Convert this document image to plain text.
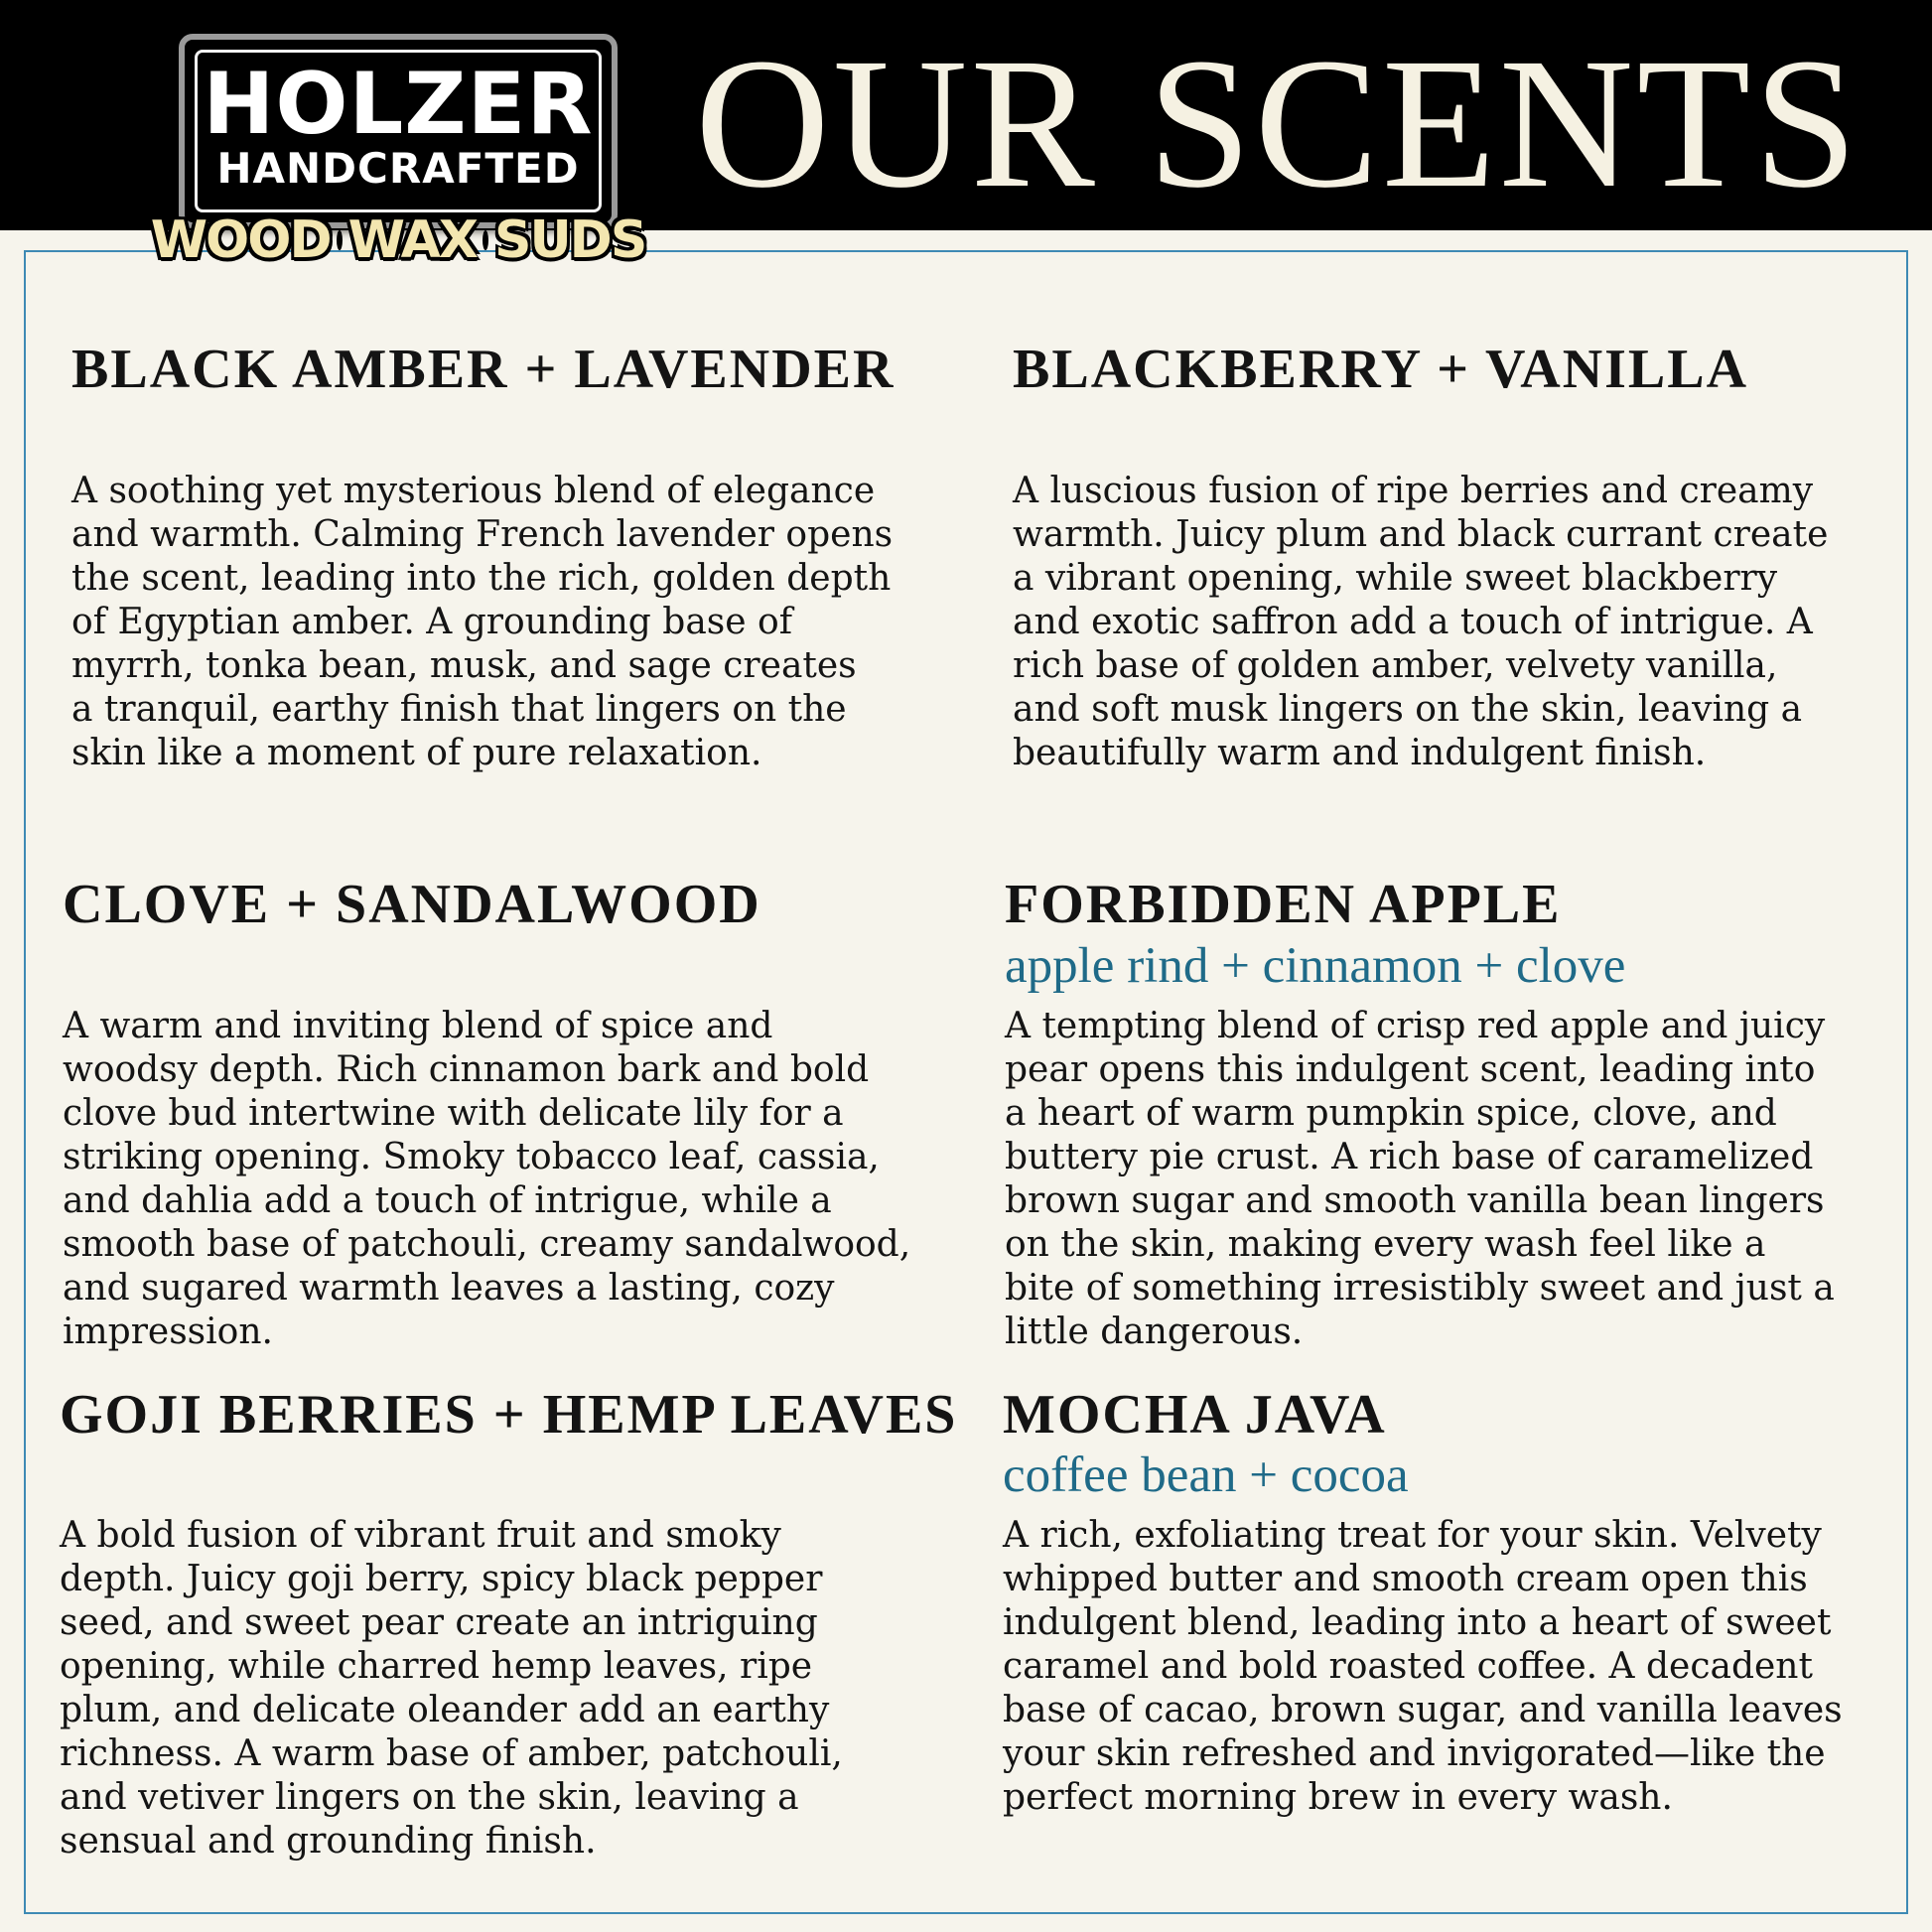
OUR SCENTS
HOLZER
HANDCRAFTED
WOOD WAX SUDS
BLACK AMBER + LAVENDER
A soothing yet mysterious blend of elegance
and warmth. Calming French lavender opens
the scent, leading into the rich, golden depth
of Egyptian amber. A grounding base of
myrrh, tonka bean, musk, and sage creates
a tranquil, earthy finish that lingers on the
skin like a moment of pure relaxation.
BLACKBERRY + VANILLA
A luscious fusion of ripe berries and creamy
warmth. Juicy plum and black currant create
a vibrant opening, while sweet blackberry
and exotic saffron add a touch of intrigue. A
rich base of golden amber, velvety vanilla,
and soft musk lingers on the skin, leaving a
beautifully warm and indulgent finish.
CLOVE + SANDALWOOD
A warm and inviting blend of spice and
woodsy depth. Rich cinnamon bark and bold
clove bud intertwine with delicate lily for a
striking opening. Smoky tobacco leaf, cassia,
and dahlia add a touch of intrigue, while a
smooth base of patchouli, creamy sandalwood,
and sugared warmth leaves a lasting, cozy
impression.
FORBIDDEN APPLE
apple rind + cinnamon + clove
A tempting blend of crisp red apple and juicy
pear opens this indulgent scent, leading into
a heart of warm pumpkin spice, clove, and
buttery pie crust. A rich base of caramelized
brown sugar and smooth vanilla bean lingers
on the skin, making every wash feel like a
bite of something irresistibly sweet and just a
little dangerous.
GOJI BERRIES + HEMP LEAVES
A bold fusion of vibrant fruit and smoky
depth. Juicy goji berry, spicy black pepper
seed, and sweet pear create an intriguing
opening, while charred hemp leaves, ripe
plum, and delicate oleander add an earthy
richness. A warm base of amber, patchouli,
and vetiver lingers on the skin, leaving a
sensual and grounding finish.
MOCHA JAVA
coffee bean + cocoa
A rich, exfoliating treat for your skin. Velvety
whipped butter and smooth cream open this
indulgent blend, leading into a heart of sweet
caramel and bold roasted coffee. A decadent
base of cacao, brown sugar, and vanilla leaves
your skin refreshed and invigorated—like the
perfect morning brew in every wash.
